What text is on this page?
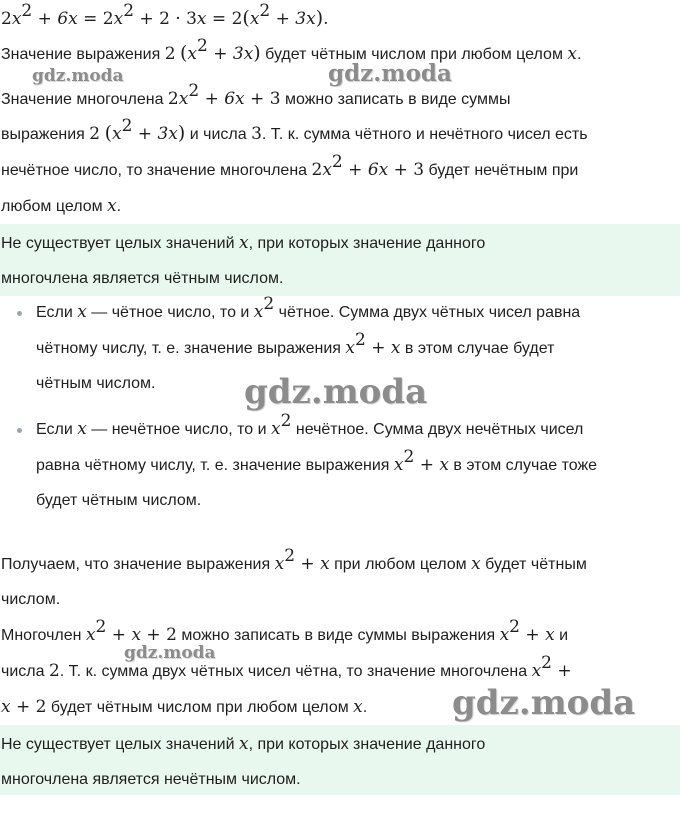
$2x^2 + 6x = 2x^2 + 2 \cdot 3x = 2(x^2 + 3x)$.
Значение выражения 2 $(x^2 + 3x)$ будет чётным числом при любом целом x.
Значение многочлена $2x^2 + 6x + 3$ можно записать в виде суммы
выражения 2 $(x^2 + 3x)$ и числа 3. Т. к. сумма чётного и нечётного чисел есть
нечётное число, то значение многочлена $2x^2 + 6x + 3$ будет нечётным при
любом целом x.
Не существует целых значений x, при которых значение данного
многочлена является чётным числом.
Если x — чётное число, то и $x^2$ чётное. Сумма двух чётных чисел равна
чётному числу, т. е. значение выражения $x^2 + x$ в этом случае будет
чётным числом.
Если x — нечётное число, то и $x^2$ нечётное. Сумма двух нечётных чисел
равна чётному числу, т. е. значение выражения $x^2 + x$ в этом случае тоже
будет чётным числом.
Получаем, что значение выражения $x^2 + x$ при любом целом x будет чётным
числом.
Многочлен $x^2 + x + 2$ можно записать в виде суммы выражения $x^2 + x$ и
числа 2. Т. к. сумма двух чётных чисел чётна, то значение многочлена $x^2$ +
x + 2 будет чётным числом при любом целом x.
Не существует целых значений x, при которых значение данного
многочлена является нечётным числом.
gdz.moda	gdz.moda
gdz.moda
gdz.moda
gdz.moda
